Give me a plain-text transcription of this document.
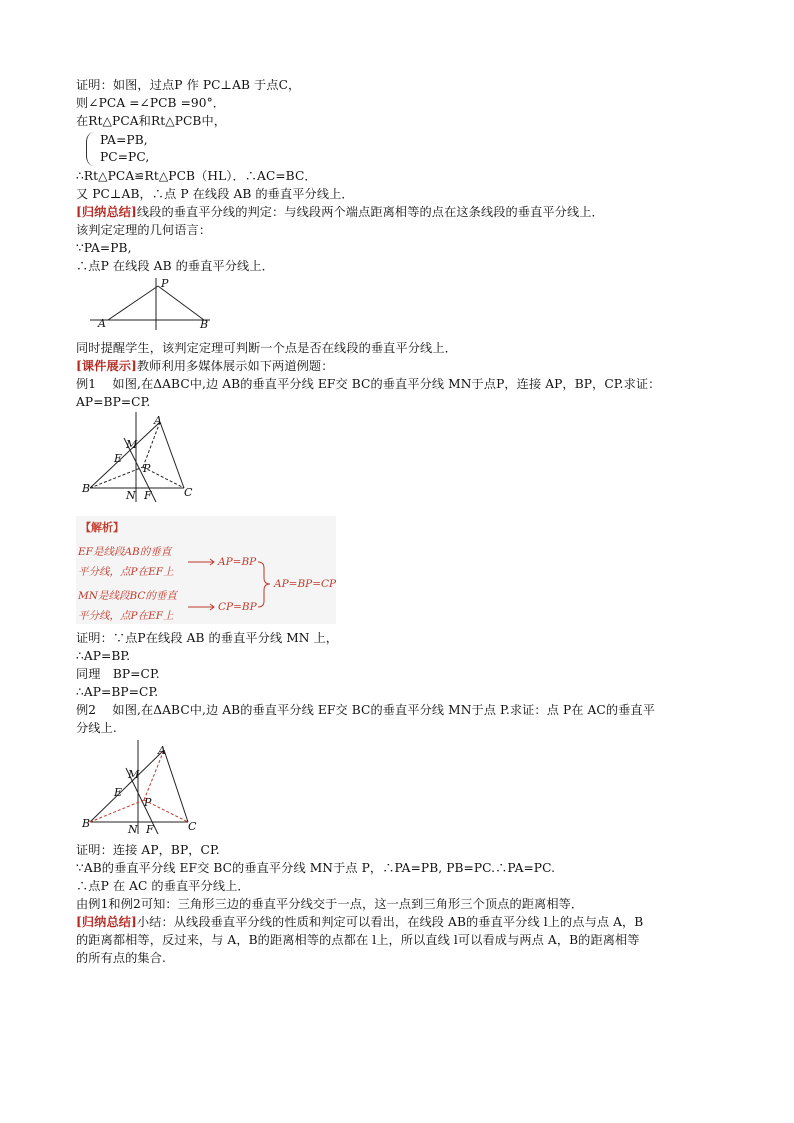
证明：如图，过点P 作 PC⊥AB 于点C，
则∠PCA =∠PCB =90°．
在Rt△PCA和Rt△PCB中，
PA=PB,
PC=PC,
∴Rt△PCA≌Rt△PCB（HL）．∴AC=BC．
又 PC⊥AB，∴点 P 在线段 AB 的垂直平分线上．
[归纳总结]线段的垂直平分线的判定：与线段两个端点距离相等的点在这条线段的垂直平分线上．
该判定定理的几何语言：
∵PA=PB,
∴点P 在线段 AB 的垂直平分线上．
P
A	B
同时提醒学生，该判定定理可判断一个点是否在线段的垂直平分线上．
[课件展示]教师利用多媒体展示如下两道例题：
例1　 如图,在ΔABC中,边 AB的垂直平分线 EF交 BC的垂直平分线 MN于点P，连接 AP，BP，CP.求证：
AP=BP=CP.
A
M
E
P
B
N F	C
【解析】
EF是线段AB的垂直
平分线，点P在EF上
MN是线段BC的垂直
平分线，点P在EF上
AP=BP
CP=BP
AP=BP=CP
证明：∵点P在线段 AB 的垂直平分线 MN 上，
∴AP=BP.
同理　BP=CP.
∴AP=BP=CP.
例2　 如图,在ΔABC中,边 AB的垂直平分线 EF交 BC的垂直平分线 MN于点 P.求证：点 P在 AC的垂直平
分线上.
A
M
E
P
B	N F	C
证明：连接 AP，BP，CP.
∵AB的垂直平分线 EF交 BC的垂直平分线 MN于点 P，∴PA=PB, PB=PC.∴PA=PC.
∴点P 在 AC 的垂直平分线上．
由例1和例2可知：三角形三边的垂直平分线交于一点，这一点到三角形三个顶点的距离相等．
[归纳总结]小结：从线段垂直平分线的性质和判定可以看出，在线段 AB的垂直平分线 l上的点与点 A，B
的距离都相等，反过来，与 A，B的距离相等的点都在 l上，所以直线 l可以看成与两点 A，B的距离相等
的所有点的集合.
